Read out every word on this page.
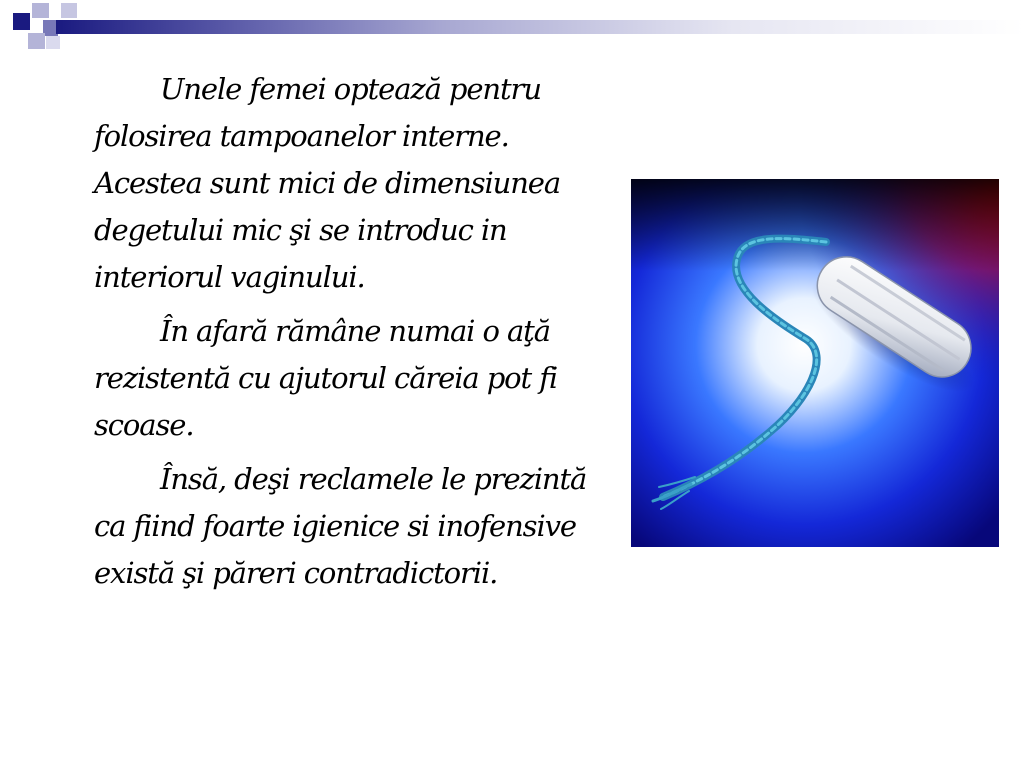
Unele femei optează pentru folosirea tampoanelor interne. Acestea sunt mici de dimensiunea degetului mic şi se introduc in interiorul vaginului.

În afară rămâne numai o aţă rezistentă cu ajutorul căreia pot fi scoase.

Însă, deşi reclamele le prezintă ca fiind foarte igienice si inofensive există şi păreri contradictorii.
